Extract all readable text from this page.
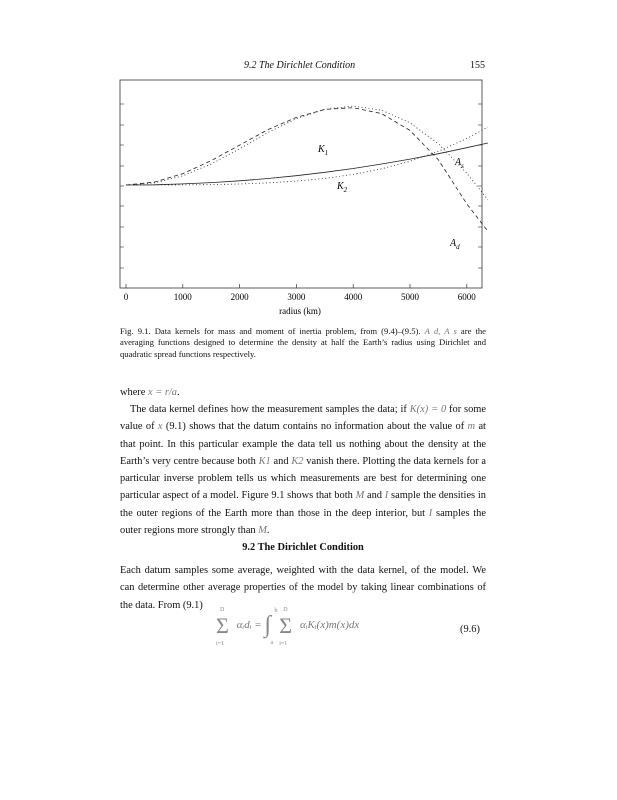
9.2 The Dirichlet Condition	155
$K_1$
$K_2$
$A_s$
$A_d$
0	1000	2000	3000	4000	5000	6000
radius (km)
Fig. 9.1. Data kernels for mass and moment of inertia problem, from (9.4)–(9.5). A d, A s are the averaging functions designed to determine the density at half the Earth’s radius using Dirichlet and quadratic spread functions respectively.
where x = r/a.
The data kernel defines how the measurement samples the data; if K(x) = 0 for some value of x (9.1) shows that the datum contains no information about the value of m at that point. In this particular example the data tell us nothing about the density at the Earth’s very centre because both K1 and K2 vanish there. Plotting the data kernels for a particular inverse problem tells us which measurements are best for determining one particular aspect of a model. Figure 9.1 shows that both M and I sample the densities in the outer regions of the Earth more than those in the deep interior, but I samples the outer regions more strongly than M.
9.2 The Dirichlet Condition
Each datum samples some average, weighted with the data kernel, of the model. We can determine other average properties of the model by taking linear combinations of the data. From (9.1)
Σ
D
i=1
αᵢdᵢ = ∫
b
a
Σ
D
i=1
αᵢKᵢ(x)m(x)dx	(9.6)
